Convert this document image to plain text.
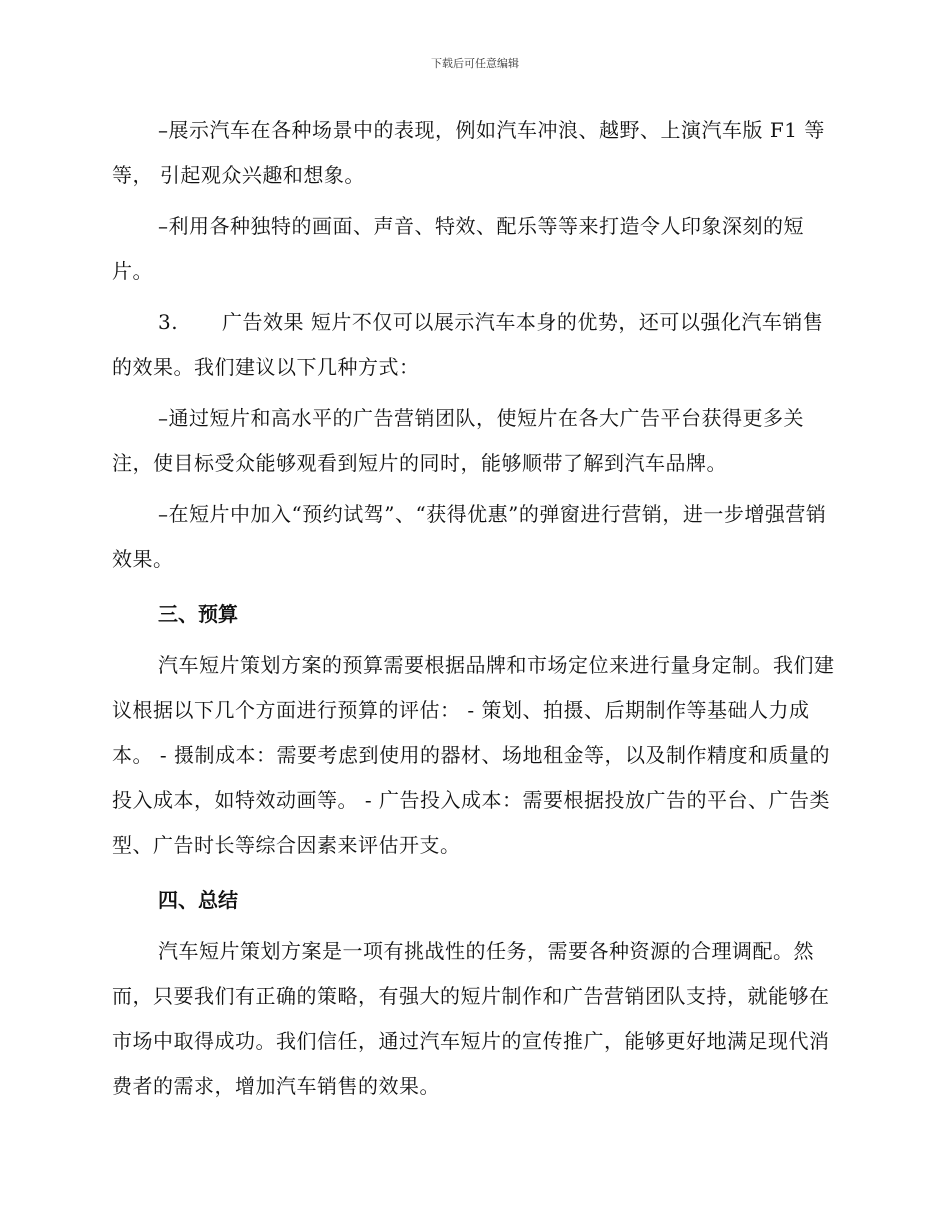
下载后可任意编辑

–展示汽车在各种场景中的表现，例如汽车冲浪、越野、上演汽车版 F1 等等， 引起观众兴趣和想象。

–利用各种独特的画面、声音、特效、配乐等等来打造令人印象深刻的短片。

3. 广告效果 短片不仅可以展示汽车本身的优势，还可以强化汽车销售的效果。我们建议以下几种方式：

–通过短片和高水平的广告营销团队，使短片在各大广告平台获得更多关注，使目标受众能够观看到短片的同时，能够顺带了解到汽车品牌。

–在短片中加入“预约试驾”、“获得优惠”的弹窗进行营销，进一步增强营销效果。

三、预算

汽车短片策划方案的预算需要根据品牌和市场定位来进行量身定制。我们建议根据以下几个方面进行预算的评估： - 策划、拍摄、后期制作等基础人力成本。 - 摄制成本：需要考虑到使用的器材、场地租金等，以及制作精度和质量的投入成本，如特效动画等。 - 广告投入成本：需要根据投放广告的平台、广告类型、广告时长等综合因素来评估开支。

四、总结

汽车短片策划方案是一项有挑战性的任务，需要各种资源的合理调配。然而，只要我们有正确的策略，有强大的短片制作和广告营销团队支持，就能够在市场中取得成功。我们信任，通过汽车短片的宣传推广，能够更好地满足现代消费者的需求，增加汽车销售的效果。
